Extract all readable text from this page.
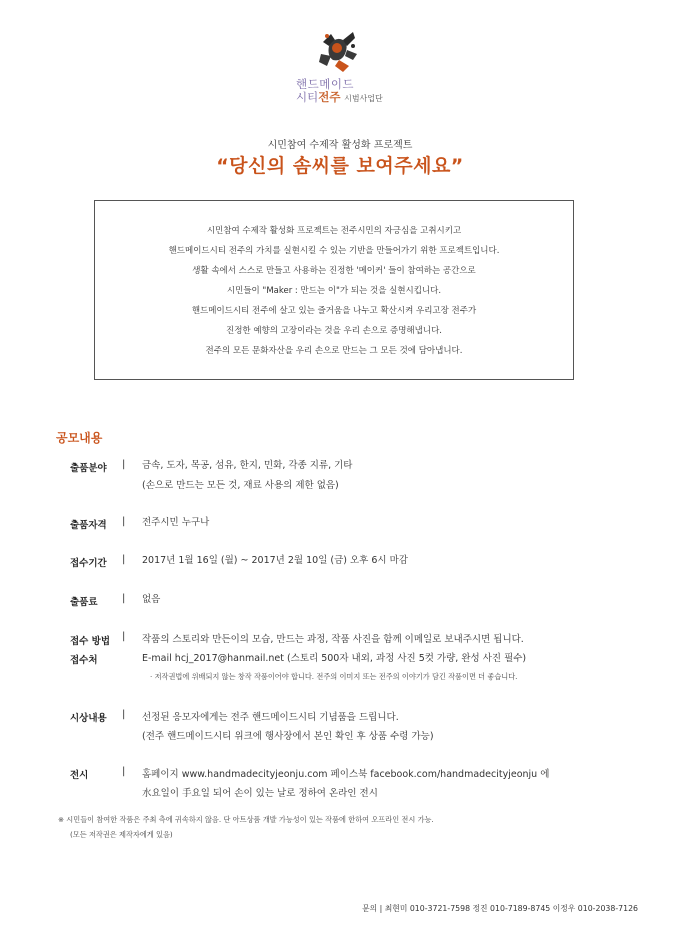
핸드메이드
시티전주 시범사업단
시민참여 수제작 활성화 프로젝트
“당신의 솜씨를 보여주세요”
시민참여 수제작 활성화 프로젝트는 전주시민의 자긍심을 고취시키고
핸드메이드시티 전주의 가치를 실현시킬 수 있는 기반을 만들어가기 위한 프로젝트입니다.
생활 속에서 스스로 만들고 사용하는 진정한 '메이커' 들이 참여하는 공간으로
시민들이 "Maker : 만드는 이"가 되는 것을 실현시킵니다.
핸드메이드시티 전주에 살고 있는 즐거움을 나누고 확산시켜 우리고장 전주가
진정한 예향의 고장이라는 것을 우리 손으로 증명해냅니다.
전주의 모든 문화자산을 우리 손으로 만드는 그 모든 것에 담아냅니다.
공모내용
출품분야 | 금속, 도자, 목공, 섬유, 한지, 민화, 각종 지류, 기타
(손으로 만드는 모든 것, 재료 사용의 제한 없음)
출품자격 | 전주시민 누구나
접수기간 | 2017년 1월 16일 (월) ~ 2017년 2월 10일 (금) 오후 6시 마감
출품료 | 없음
접수 방법
접수처
| 작품의 스토리와 만든이의 모습, 만드는 과정, 작품 사진을 함께 이메일로 보내주시면 됩니다.
E-mail hcj_2017@hanmail.net (스토리 500자 내외, 과정 사진 5컷 가량, 완성 사진 필수)
· 저작권법에 위배되지 않는 창작 작품이어야 합니다. 전주의 이미지 또는 전주의 이야기가 담긴 작품이면 더 좋습니다.
시상내용 | 선정된 응모자에게는 전주 핸드메이드시티 기념품을 드립니다.
(전주 핸드메이드시티 위크에 행사장에서 본인 확인 후 상품 수령 가능)
전시	| 홈페이지 www.handmadecityjeonju.com 페이스북 facebook.com/handmadecityjeonju 에
水요일이 手요일 되어 손이 있는 날로 정하여 온라인 전시
※ 시민들이 참여한 작품은 주최 측에 귀속하지 않음. 단 아트상품 개발 가능성이 있는 작품에 한하여 오프라인 전시 가능.
(모든 저작권은 제작자에게 있음)
문의 | 최현미 010-3721-7598 정진 010-7189-8745 이정우 010-2038-7126
